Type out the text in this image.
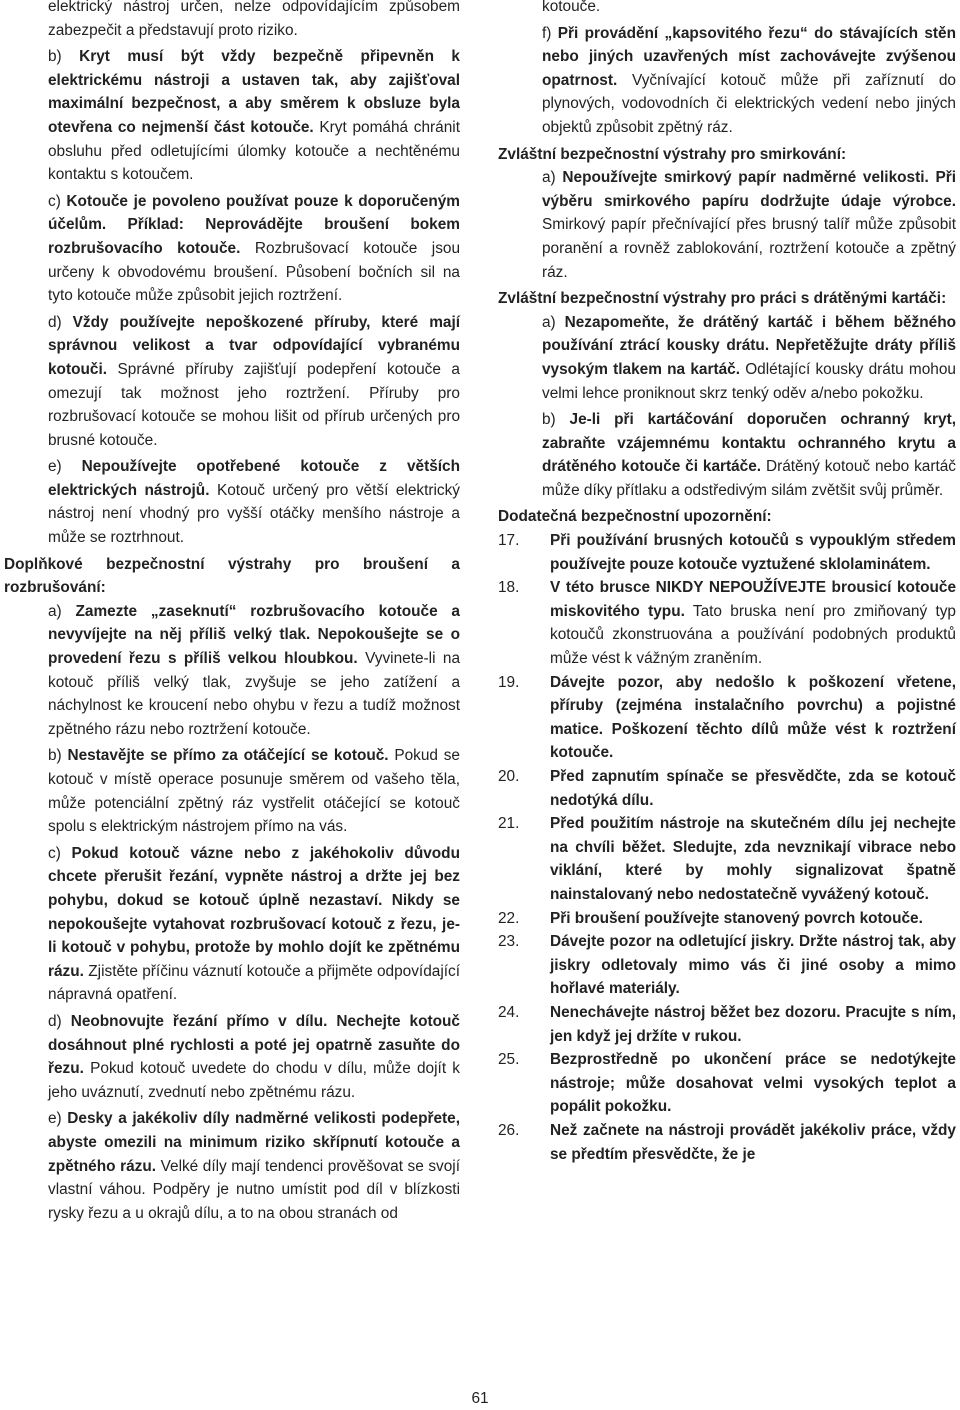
elektrický nástroj určen, nelze odpovídajícím způsobem zabezpečit a představují proto riziko.

b) Kryt musí být vždy bezpečně připevněn k elektrickému nástroji a ustaven tak, aby zajišťoval maximální bezpečnost, a aby směrem k obsluze byla otevřena co nejmenší část kotouče. Kryt pomáhá chránit obsluhu před odletujícími úlomky kotouče a nechtěnému kontaktu s kotoučem.

c) Kotouče je povoleno používat pouze k doporučeným účelům. Příklad: Neprovádějte broušení bokem rozbrušovacího kotouče. Rozbrušovací kotouče jsou určeny k obvodovému broušení. Působení bočních sil na tyto kotouče může způsobit jejich roztržení.

d) Vždy používejte nepoškozené příruby, které mají správnou velikost a tvar odpovídající vybranému kotouči. Správné příruby zajišťují podepření kotouče a omezují tak možnost jeho roztržení. Příruby pro rozbrušovací kotouče se mohou lišit od přírub určených pro brusné kotouče.

e) Nepoužívejte opotřebené kotouče z větších elektrických nástrojů. Kotouč určený pro větší elektrický nástroj není vhodný pro vyšší otáčky menšího nástroje a může se roztrhnout.

Doplňkové bezpečnostní výstrahy pro broušení a rozbrušování:

a) Zamezte „zaseknutí“ rozbrušovacího kotouče a nevyvíjejte na něj příliš velký tlak. Nepokoušejte se o provedení řezu s příliš velkou hloubkou. Vyvinete-li na kotouč příliš velký tlak, zvyšuje se jeho zatížení a náchylnost ke kroucení nebo ohybu v řezu a tudíž možnost zpětného rázu nebo roztržení kotouče.

b) Nestavějte se přímo za otáčející se kotouč. Pokud se kotouč v místě operace posunuje směrem od vašeho těla, může potenciální zpětný ráz vystřelit otáčející se kotouč spolu s elektrickým nástrojem přímo na vás.

c) Pokud kotouč vázne nebo z jakéhokoliv důvodu chcete přerušit řezání, vypněte nástroj a držte jej bez pohybu, dokud se kotouč úplně nezastaví. Nikdy se nepokoušejte vytahovat rozbrušovací kotouč z řezu, je-li kotouč v pohybu, protože by mohlo dojít ke zpětnému rázu. Zjistěte příčinu váznutí kotouče a přijměte odpovídající nápravná opatření.

d) Neobnovujte řezání přímo v dílu. Nechejte kotouč dosáhnout plné rychlosti a poté jej opatrně zasuňte do řezu. Pokud kotouč uvedete do chodu v dílu, může dojít k jeho uváznutí, zvednutí nebo zpětnému rázu.

e) Desky a jakékoliv díly nadměrné velikosti podepřete, abyste omezili na minimum riziko skřípnutí kotouče a zpětného rázu. Velké díly mají tendenci prověšovat se svojí vlastní váhou. Podpěry je nutno umístit pod díl v blízkosti rysky řezu a u okrajů dílu, a to na obou stranách od

kotouče.

f) Při provádění „kapsovitého řezu“ do stávajících stěn nebo jiných uzavřených míst zachovávejte zvýšenou opatrnost. Vyčnívající kotouč může při zaříznutí do plynových, vodovodních či elektrických vedení nebo jiných objektů způsobit zpětný ráz.

Zvláštní bezpečnostní výstrahy pro smirkování:

a) Nepoužívejte smirkový papír nadměrné velikosti. Při výběru smirkového papíru dodržujte údaje výrobce. Smirkový papír přečnívající přes brusný talíř může způsobit poranění a rovněž zablokování, roztržení kotouče a zpětný ráz.

Zvláštní bezpečnostní výstrahy pro práci s drátěnými kartáči:

a) Nezapomeňte, že drátěný kartáč i během běžného používání ztrácí kousky drátu. Nepřetěžujte dráty příliš vysokým tlakem na kartáč. Odlétající kousky drátu mohou velmi lehce proniknout skrz tenký oděv a/nebo pokožku.

b) Je-li při kartáčování doporučen ochranný kryt, zabraňte vzájemnému kontaktu ochranného krytu a drátěného kotouče či kartáče. Drátěný kotouč nebo kartáč může díky přítlaku a odstředivým silám zvětšit svůj průměr.

Dodatečná bezpečnostní upozornění:

17.	Při používání brusných kotoučů s vypouklým středem používejte pouze kotouče vyztužené sklolaminátem.

18.	V této brusce NIKDY NEPOUŽÍVEJTE brousicí kotouče miskovitého typu. Tato bruska není pro zmiňovaný typ kotoučů zkonstruována a používání podobných produktů může vést k vážným zraněním.

19.	Dávejte pozor, aby nedošlo k poškození vřetene, příruby (zejména instalačního povrchu) a pojistné matice. Poškození těchto dílů může vést k roztržení kotouče.

20.	Před zapnutím spínače se přesvědčte, zda se kotouč nedotýká dílu.

21.	Před použitím nástroje na skutečném dílu jej nechejte na chvíli běžet. Sledujte, zda nevznikají vibrace nebo viklání, které by mohly signalizovat špatně nainstalovaný nebo nedostatečně vyvážený kotouč.

22.	Při broušení používejte stanovený povrch kotouče.

23.	Dávejte pozor na odletující jiskry. Držte nástroj tak, aby jiskry odletovaly mimo vás či jiné osoby a mimo hořlavé materiály.

24.	Nenechávejte nástroj běžet bez dozoru. Pracujte s ním, jen když jej držíte v rukou.

25.	Bezprostředně po ukončení práce se nedotýkejte nástroje; může dosahovat velmi vysokých teplot a popálit pokožku.

26.	Než začnete na nástroji provádět jakékoliv práce, vždy se předtím přesvědčte, že je

61
